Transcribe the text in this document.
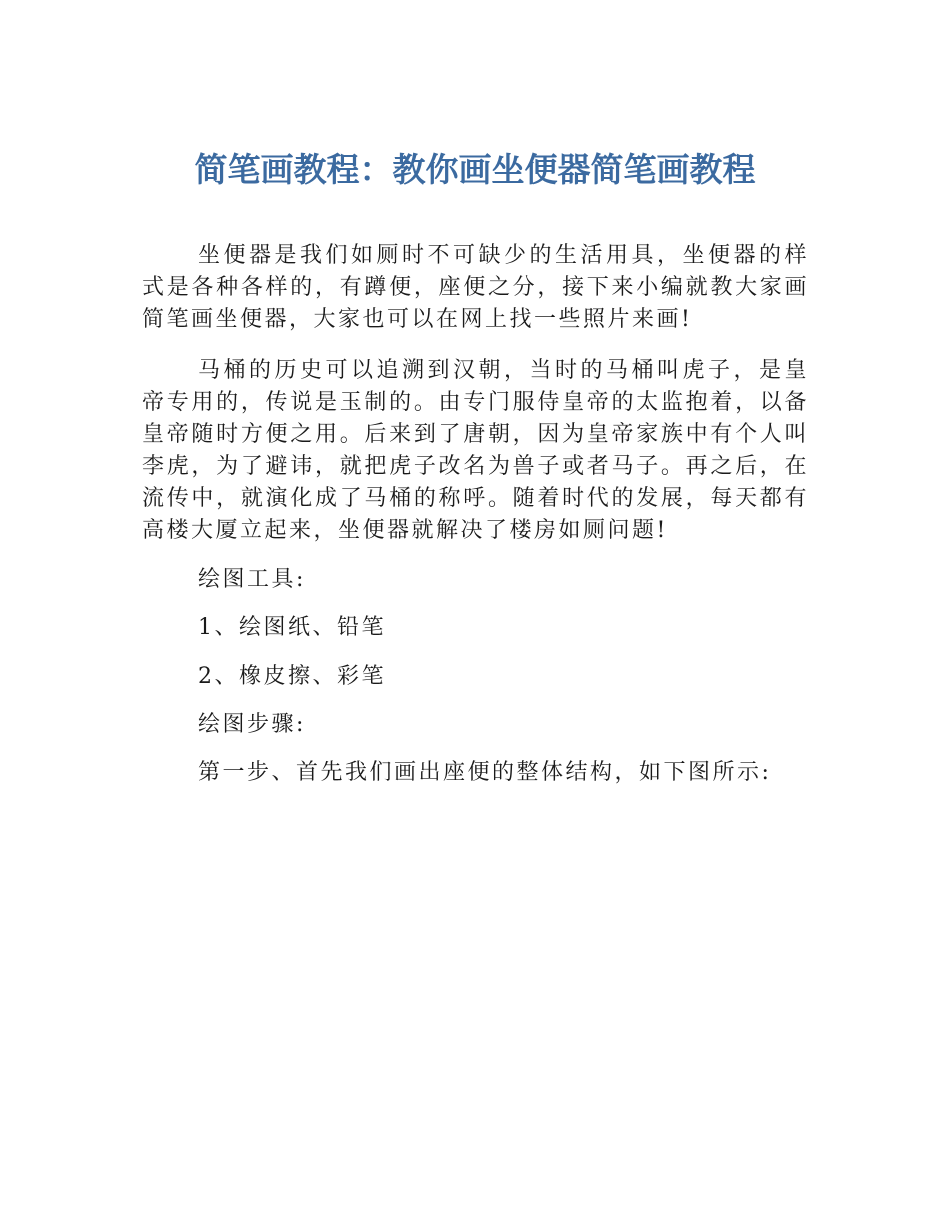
简笔画教程：教你画坐便器简笔画教程

坐便器是我们如厕时不可缺少的生活用具，坐便器的样式是各种各样的，有蹲便，座便之分，接下来小编就教大家画简笔画坐便器，大家也可以在网上找一些照片来画!

马桶的历史可以追溯到汉朝，当时的马桶叫虎子，是皇帝专用的，传说是玉制的。由专门服侍皇帝的太监抱着，以备皇帝随时方便之用。后来到了唐朝，因为皇帝家族中有个人叫李虎，为了避讳，就把虎子改名为兽子或者马子。再之后，在流传中，就演化成了马桶的称呼。随着时代的发展，每天都有高楼大厦立起来，坐便器就解决了楼房如厕问题!

绘图工具:
1、绘图纸、铅笔
2、橡皮擦、彩笔
绘图步骤:
第一步、首先我们画出座便的整体结构，如下图所示:
